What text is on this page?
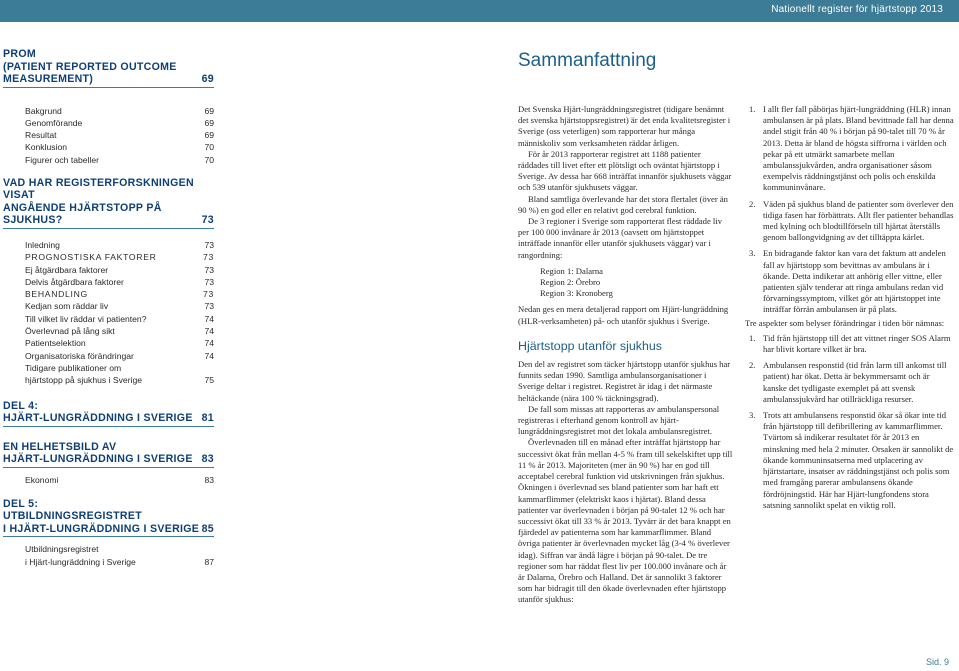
Nationellt register för hjärtstopp 2013
PROM
(PATIENT REPORTED OUTCOME
MEASUREMENT)	69
Bakgrund	69
Genomförande	69
Resultat	69
Konklusion	70
Figurer och tabeller	70
VAD HAR REGISTERFORSKNINGEN VISAT
ANGÅENDE HJÄRTSTOPP PÅ SJUKHUS?	73
Inledning	73
PROGNOSTISKA FAKTORER	73
Ej åtgärdbara faktorer	73
Delvis åtgärdbara faktorer	73
BEHANDLING	73
Kedjan som räddar liv	73
Till vilket liv räddar vi patienten?	74
Överlevnad på lång sikt	74
Patientselektion	74
Organisatoriska förändringar	74
Tidigare publikationer om
hjärtstopp på sjukhus i Sverige	75
DEL 4:
HJÄRT-LUNGRÄDDNING I SVERIGE 81
EN HELHETSBILD AV
HJÄRT-LUNGRÄDDNING I SVERIGE 83
Ekonomi	83
DEL 5:
UTBILDNINGSREGISTRET
I HJÄRT-LUNGRÄDDNING I SVERIGE 85
Utbildningsregistret
i Hjärt-lungräddning i Sverige	87
Sammanfattning

Det Svenska Hjärt-lungräddningsregistret (tidigare benämnt det svenska hjärtstoppsregistret) är det enda kvalitetsregister i Sverige (oss veterligen) som rapporterar hur många människoliv som verksamheten räddar årligen.

För år 2013 rapporterar registret att 1188 patienter räddades till livet efter ett plötsligt och oväntat hjärtstopp i Sverige. Av dessa har 668 inträffat innanför sjukhusets väggar och 539 utanför sjukhusets väggar.

Bland samtliga överlevande har det stora flertalet (över än 90 %) en god eller en relativt god cerebral funktion.

De 3 regioner i Sverige som rapporterat flest räddade liv per 100 000 invånare år 2013 (oavsett om hjärtstoppet inträffade innanför eller utanför sjukhusets väggar) var i rangordning:

Region 1: Dalarna

Region 2: Örebro

Region 3: Kronoberg

Nedan ges en mera detaljerad rapport om Hjärt-lungräddning (HLR-verksamheten) på- och utanför sjukhus i Sverige.

Hjärtstopp utanför sjukhus

Den del av registret som täcker hjärtstopp utanför sjukhus har funnits sedan 1990. Samtliga ambulansorganisationer i Sverige deltar i registret. Registret är idag i det närmaste heltäckande (nära 100 % täckningsgrad).

De fall som missas att rapporteras av ambulanspersonal registreras i efterhand genom kontroll av hjärt-lungräddningsregistret mot det lokala ambulansregistret.

Överlevnaden till en månad efter inträffat hjärtstopp har successivt ökat från mellan 4-5 % fram till sekelskiftet upp till 11 % år 2013. Majoriteten (mer än 90 %) har en god till acceptabel cerebral funktion vid utskrivningen från sjukhus. Ökningen i överlevnad ses bland patienter som har haft ett kammarflimmer (elektriskt kaos i hjärtat). Bland dessa patienter var överlevnaden i början på 90-talet 12 % och har successivt ökat till 33 % år 2013. Tyvärr är det bara knappt en fjärdedel av patienterna som har kammarflimmer. Bland övriga patienter är överlevnaden mycket låg (3-4 % överlever idag). Siffran var ändå lägre i början på 90-talet. De tre regioner som har räddat flest liv per 100.000 invånare och år är Dalarna, Örebro och Halland. Det är sannolikt 3 faktorer som har bidragit till den ökade överlevnaden efter hjärtstopp utanför sjukhus:

1. I allt fler fall påbörjas hjärt-lungräddning (HLR) innan ambulansen är på plats. Bland bevittnade fall har denna andel stigit från 40 % i början på 90-talet till 70 % år 2013. Detta är bland de högsta siffrorna i världen och pekar på ett utmärkt samarbete mellan ambulanssjukvården, andra organisationer såsom exempelvis räddningstjänst och polis och enskilda kommuninvånare.

2. Väden på sjukhus bland de patienter som överlever den tidiga fasen har förbättrats. Allt fler patienter behandlas med kylning och blodtillförseln till hjärtat återställs genom ballongvidgning av det tilltäppta kärlet.

3. En bidragande faktor kan vara det faktum att andelen fall av hjärtstopp som bevittnas av ambulans är i ökande. Detta indikerar att anhörig eller vittne, eller patienten själv tenderar att ringa ambulans redan vid förvarningssymptom, vilket gör att hjärtstoppet inte inträffar förrän ambulansen är på plats.

Tre aspekter som belyser förändringar i tiden bör nämnas:

1. Tid från hjärtstopp till det att vittnet ringer SOS Alarm har blivit kortare vilket är bra.

2. Ambulansen responstid (tid från larm till ankomst till patient) har ökat. Detta är bekymmersamt och är kanske det tydligaste exemplet på att svensk ambulanssjukvård har otillräckliga resurser.

3. Trots att ambulansens responstid ökar så ökar inte tid från hjärtstopp till defibrillering av kammarflimmer. Tvärtom så indikerar resultatet för år 2013 en minskning med hela 2 minuter. Orsaken är sannolikt de ökande kommuninsatserna med utplacering av hjärtstartare, insatser av räddningstjänst och polis som med framgång parerar ambulansens ökande fördröjningstid. Här har Hjärt-lungfondens stora satsning sannolikt spelat en viktig roll.

Sid. 9
